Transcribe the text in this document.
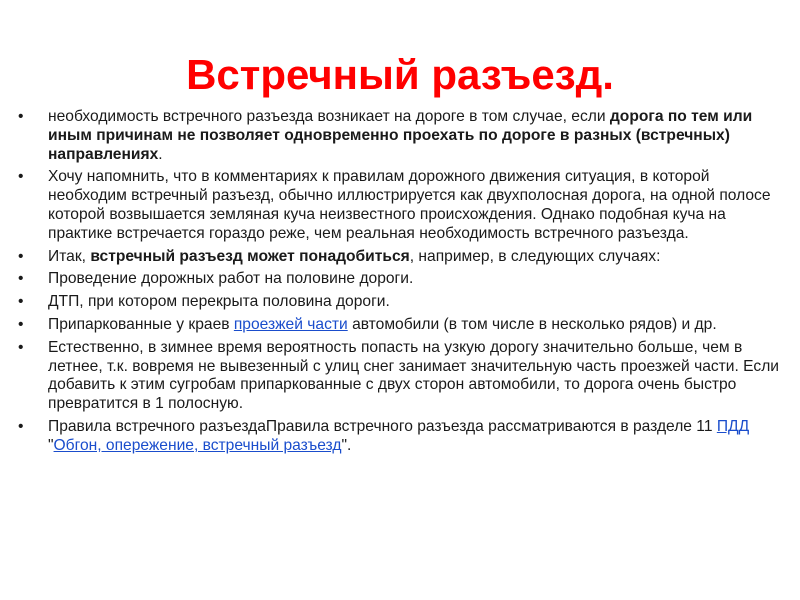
Встречный разъезд.
• необходимость встречного разъезда возникает на дороге в том случае, если дорога по тем или иным причинам не позволяет одновременно проехать по дороге в разных (встречных) направлениях.
• Хочу напомнить, что в комментариях к правилам дорожного движения ситуация, в которой необходим встречный разъезд, обычно иллюстрируется как двухполосная дорога, на одной полосе которой возвышается земляная куча неизвестного происхождения. Однако подобная куча на практике встречается гораздо реже, чем реальная необходимость встречного разъезда.
• Итак, встречный разъезд может понадобиться, например, в следующих случаях:
• Проведение дорожных работ на половине дороги.
• ДТП, при котором перекрыта половина дороги.
• Припаркованные у краев проезжей части автомобили (в том числе в несколько рядов) и др.
• Естественно, в зимнее время вероятность попасть на узкую дорогу значительно больше, чем в летнее, т.к. вовремя не вывезенный с улиц снег занимает значительную часть проезжей части. Если добавить к этим сугробам припаркованные с двух сторон автомобили, то дорога очень быстро превратится в 1 полосную.
• Правила встречного разъездаПравила встречного разъезда рассматриваются в разделе 11 ПДД "Обгон, опережение, встречный разъезд".
